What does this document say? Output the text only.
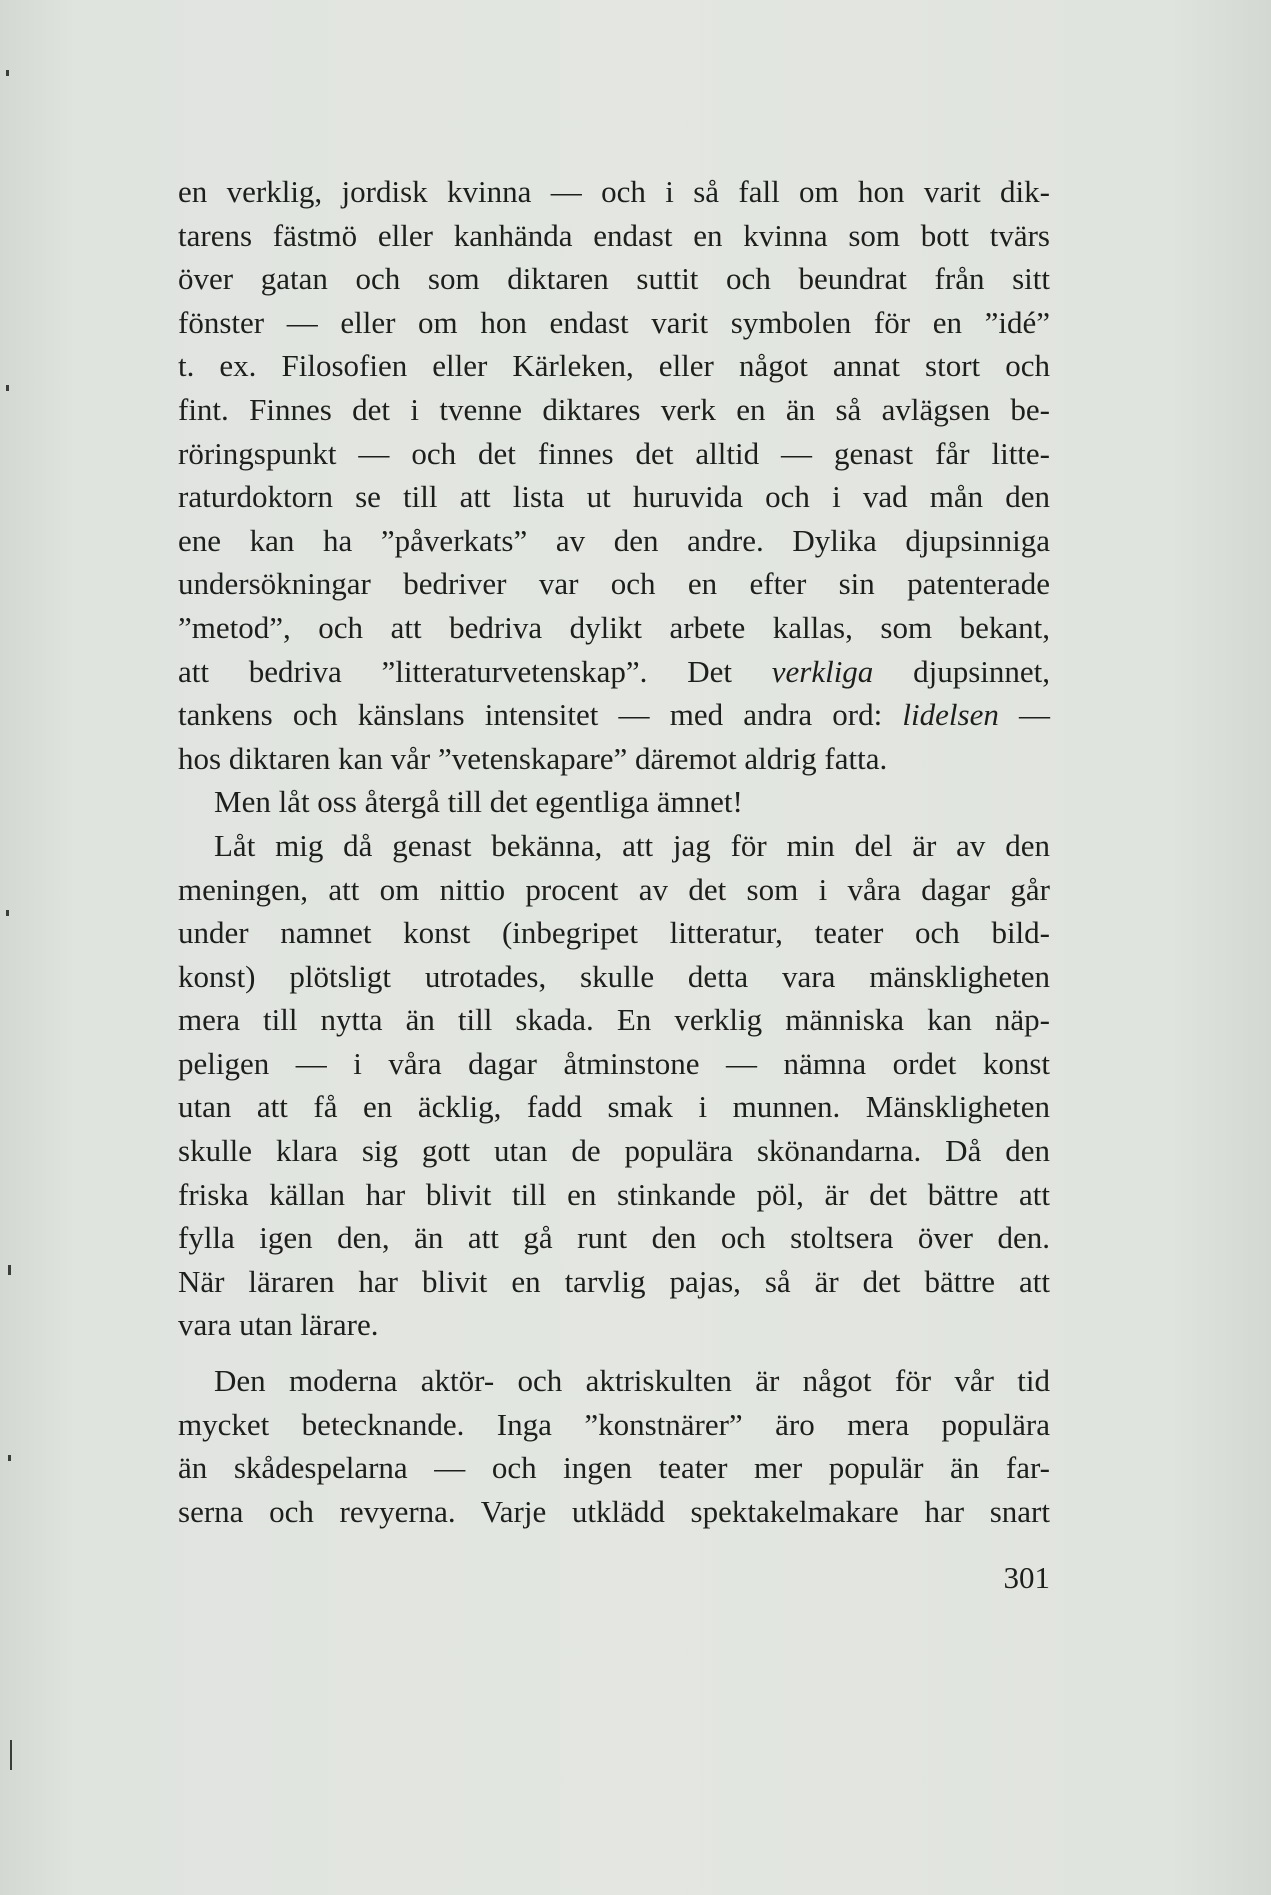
en verklig, jordisk kvinna — och i så fall om hon varit dik-
tarens fästmö eller kanhända endast en kvinna som bott tvärs
över gatan och som diktaren suttit och beundrat från sitt
fönster — eller om hon endast varit symbolen för en ”idé”
t. ex. Filosofien eller Kärleken, eller något annat stort och
fint. Finnes det i tvenne diktares verk en än så avlägsen be-
röringspunkt — och det finnes det alltid — genast får litte-
raturdoktorn se till att lista ut huruvida och i vad mån den
ene kan ha ”påverkats” av den andre. Dylika djupsinniga
undersökningar bedriver var och en efter sin patenterade
”metod”, och att bedriva dylikt arbete kallas, som bekant,
att bedriva ”litteraturvetenskap”. Det verkliga djupsinnet,
tankens och känslans intensitet — med andra ord: lidelsen —
hos diktaren kan vår ”vetenskapare” däremot aldrig fatta.
Men låt oss återgå till det egentliga ämnet!
Låt mig då genast bekänna, att jag för min del är av den
meningen, att om nittio procent av det som i våra dagar går
under namnet konst (inbegripet litteratur, teater och bild-
konst) plötsligt utrotades, skulle detta vara mänskligheten
mera till nytta än till skada. En verklig människa kan näp-
peligen — i våra dagar åtminstone — nämna ordet konst
utan att få en äcklig, fadd smak i munnen. Mänskligheten
skulle klara sig gott utan de populära skönandarna. Då den
friska källan har blivit till en stinkande pöl, är det bättre att
fylla igen den, än att gå runt den och stoltsera över den.
När läraren har blivit en tarvlig pajas, så är det bättre att
vara utan lärare.
Den moderna aktör- och aktriskulten är något för vår tid
mycket betecknande. Inga ”konstnärer” äro mera populära
än skådespelarna — och ingen teater mer populär än far-
serna och revyerna. Varje utklädd spektakelmakare har snart
301
